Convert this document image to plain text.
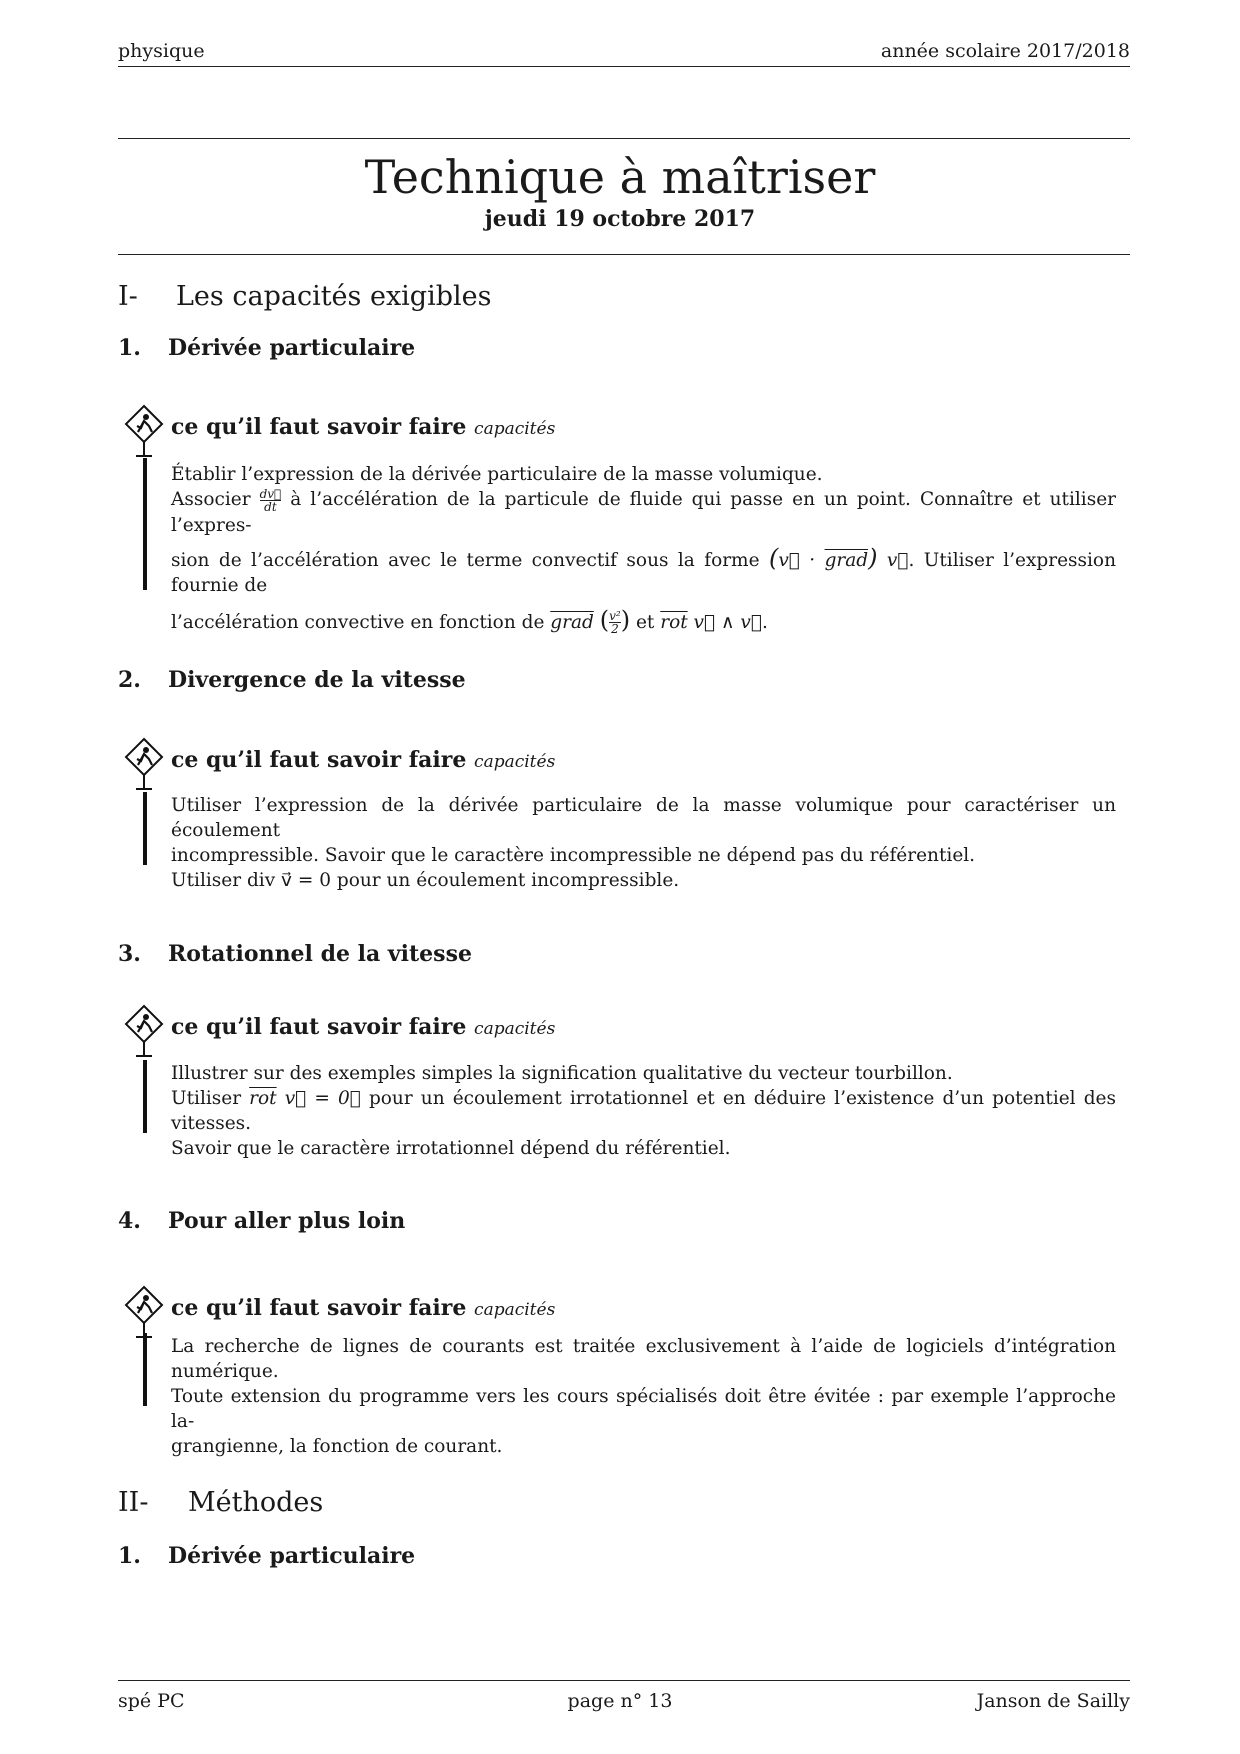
physique	année scolaire 2017/2018
Technique à maîtriser
jeudi 19 octobre 2017
I- Les capacités exigibles
1. Dérivée particulaire
ce qu’il faut savoir faire capacités
Établir l’expression de la dérivée particulaire de la masse volumique.
Associer $\frac{dv⃗}{dt}$ à l’accélération de la particule de fluide qui passe en un point. Connaître et utiliser l’expres-
sion de l’accélération avec le terme convectif sous la forme (v⃗ · grad) v⃗. Utiliser l’expression fournie de
l’accélération convective en fonction de grad ( $\frac{\text{v²}}{2}$ ) et $\overline{rot}$ v⃗ ∧ v⃗.
2. Divergence de la vitesse
ce qu’il faut savoir faire capacités
Utiliser l’expression de la dérivée particulaire de la masse volumique pour caractériser un écoulement
incompressible. Savoir que le caractère incompressible ne dépend pas du référentiel.
Utiliser div v⃗ = 0 pour un écoulement incompressible.
3. Rotationnel de la vitesse
ce qu’il faut savoir faire capacités
Illustrer sur des exemples simples la signification qualitative du vecteur tourbillon.
Utiliser $\overline{rot}$ v⃗ = 0⃗ pour un écoulement irrotationnel et en déduire l’existence d’un potentiel des vitesses.
Savoir que le caractère irrotationnel dépend du référentiel.
4. Pour aller plus loin
ce qu’il faut savoir faire capacités
La recherche de lignes de courants est traitée exclusivement à l’aide de logiciels d’intégration numérique.
Toute extension du programme vers les cours spécialisés doit être évitée : par exemple l’approche la-
grangienne, la fonction de courant.
II- Méthodes
1. Dérivée particulaire
spé PC	page n° 13	Janson de Sailly
